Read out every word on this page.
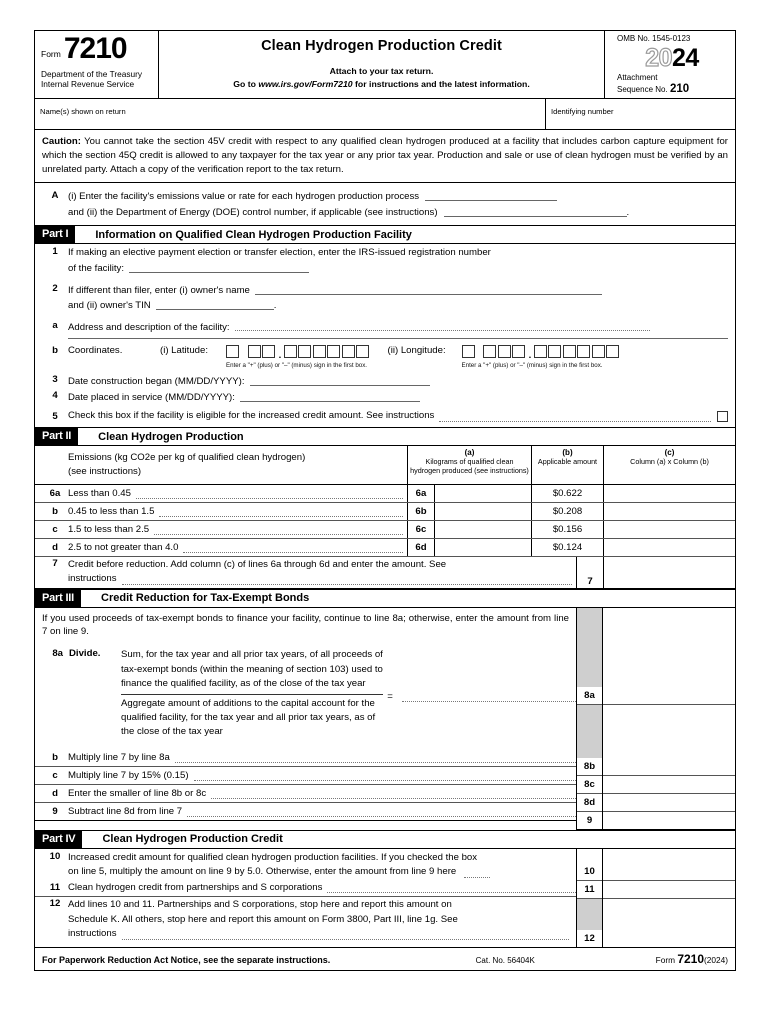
Form 7210
Department of the Treasury
Internal Revenue Service
Clean Hydrogen Production Credit
Attach to your tax return.
Go to www.irs.gov/Form7210 for instructions and the latest information.
OMB No. 1545-0123
2024
Attachment
Sequence No. 210
Name(s) shown on return	Identifying number
Caution: You cannot take the section 45V credit with respect to any qualified clean hydrogen produced at a facility that includes carbon capture equipment for which the section 45Q credit is allowed to any taxpayer for the tax year or any prior tax year. Production and sale or use of clean hydrogen must be verified by an unrelated party. Attach a copy of the verification report to the tax return.
A (i) Enter the facility's emissions value or rate for each hydrogen production process
and (ii) the Department of Energy (DOE) control number, if applicable (see instructions)	.
Part I	Information on Qualified Clean Hydrogen Production Facility
1	If making an elective payment election or transfer election, enter the IRS-issued registration number
of the facility:
2	If different than filer, enter (i) owner's name
and (ii) owner's TIN	.
a	Address and description of the facility:
b	Coordinates.	(i) Latitude:	.
Enter a "+" (plus) or "–" (minus) sign in the first box.
(ii) Longitude:	.
Enter a "+" (plus) or "–" (minus) sign in the first box.
3	Date construction began (MM/DD/YYYY):
4	Date placed in service (MM/DD/YYYY):
5	Check this box if the facility is eligible for the increased credit amount. See instructions
Part II	Clean Hydrogen Production
Emissions (kg CO2e per kg of qualified clean hydrogen)
(see instructions)
(a)
Kilograms of qualified clean hydrogen produced (see instructions)
(b)
Applicable amount
(c)
Column (a) x Column (b)
6a Less than 0.45	6a	$0.622
b	0.45 to less than 1.5	6b	$0.208
c	1.5 to less than 2.5	6c	$0.156
d	2.5 to not greater than 4.0	6d	$0.124
7	Credit before reduction. Add column (c) of lines 6a through 6d and enter the amount. See

instructions	7
Part III	Credit Reduction for Tax-Exempt Bonds
If you used proceeds of tax-exempt bonds to finance your facility, continue to line 8a; otherwise, enter the amount from line 7 on line 9.
8a Divide.	Sum, for the tax year and all prior tax years, of all proceeds of tax-exempt bonds (within the meaning of section 103) used to finance the qualified facility, as of the close of the tax year
Aggregate amount of additions to the capital account for the qualified facility, for the tax year and all prior tax years, as of the close of the tax year
=
b	Multiply line 7 by line 8a
c	Multiply line 7 by 15% (0.15)
d	Enter the smaller of line 8b or 8c
9	Subtract line 8d from line 7
8a
8b
8c
8d
9
Part IV	Clean Hydrogen Production Credit
10 Increased credit amount for qualified clean hydrogen production facilities. If you checked the box
on line 5, multiply the amount on line 9 by 5.0. Otherwise, enter the amount from line 9 here
11 Clean hydrogen credit from partnerships and S corporations
12 Add lines 10 and 11. Partnerships and S corporations, stop here and report this amount on
Schedule K. All others, stop here and report this amount on Form 3800, Part III, line 1g. See
instructions
10
11
12
For Paperwork Reduction Act Notice, see the separate instructions.	Cat. No. 56404K	Form 7210(2024)
